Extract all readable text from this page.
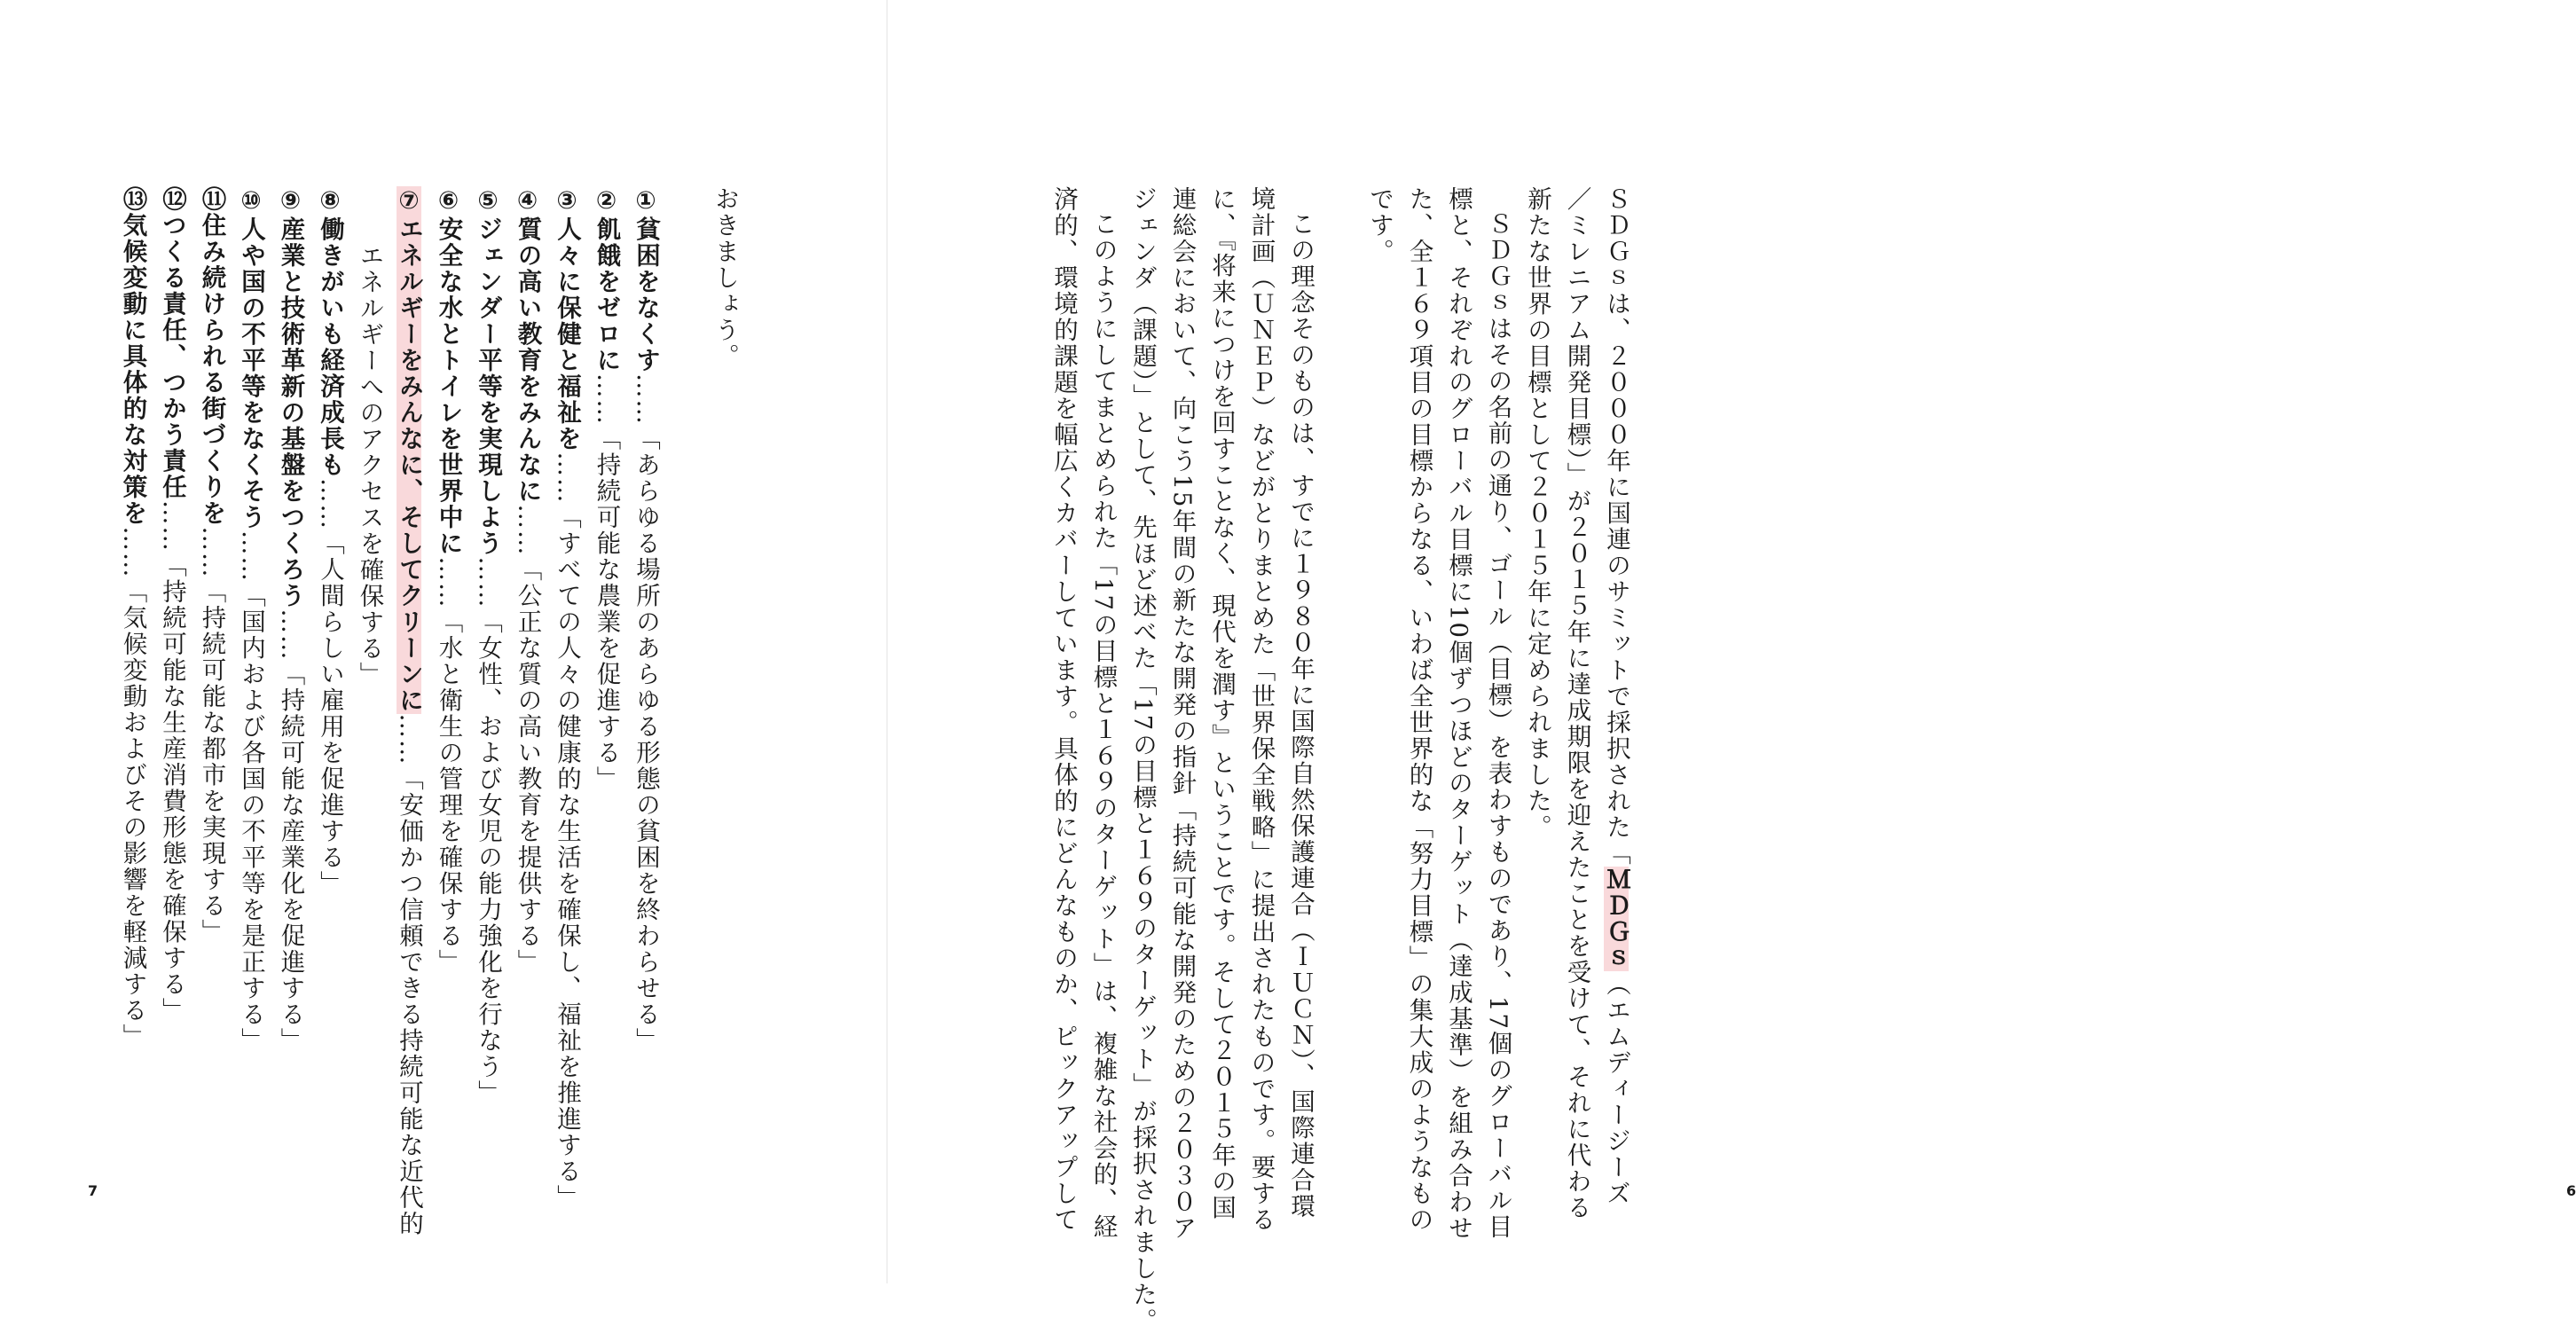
おきましょう。

①貧困をなくす……「あらゆる場所のあらゆる形態の貧困を終わらせる」
②飢餓をゼロに……「持続可能な農業を促進する」
③人々に保健と福祉を……「すべての人々の健康的な生活を確保し、福祉を推進する」
④質の高い教育をみんなに……「公正な質の高い教育を提供する」
⑤ジェンダー平等を実現しよう……「女性、および女児の能力強化を行なう」
⑥安全な水とトイレを世界中に……「水と衛生の管理を確保する」
⑦エネルギーをみんなに、そしてクリーンに……「安価かつ信頼できる持続可能な近代的
エネルギーへのアクセスを確保する」
⑧働きがいも経済成長も……「人間らしい雇用を促進する」
⑨産業と技術革新の基盤をつくろう……「持続可能な産業化を促進する」
⑩人や国の不平等をなくそう……「国内および各国の不平等を是正する」
⑪住み続けられる街づくりを……「持続可能な都市を実現する」
⑫つくる責任、つかう責任……「持続可能な生産消費形態を確保する」
⑬気候変動に具体的な対策を……「気候変動およびその影響を軽減する」
7
ＳＤＧｓは、２０００年に国連のサミットで採択された「ＭＤＧｓ（エムディージーズ
／ミレニアム開発目標）」が２０１５年に達成期限を迎えたことを受けて、それに代わる
新たな世界の目標として２０１５年に定められました。
ＳＤＧｓはその名前の通り、ゴール（目標）を表わすものであり、17個のグローバル目
標と、それぞれのグローバル目標に10個ずつほどのターゲット（達成基準）を組み合わせ
た、全１６９項目の目標からなる、いわば全世界的な「努力目標」の集大成のようなもの
です。

この理念そのものは、すでに１９８０年に国際自然保護連合（ＩＵＣＮ）、国際連合環
境計画（ＵＮＥＰ）などがとりまとめた「世界保全戦略」に提出されたものです。要する
に、『将来につけを回すことなく、現代を潤す』ということです。そして２０１５年の国
連総会において、向こう15年間の新たな開発の指針「持続可能な開発のための２０３０ア
ジェンダ（課題）」として、先ほど述べた「17の目標と１６９のターゲット」が採択されました。
このようにしてまとめられた「17の目標と１６９のターゲット」は、複雑な社会的、経
済的、環境的課題を幅広くカバーしています。具体的にどんなものか、ピックアップして	6
